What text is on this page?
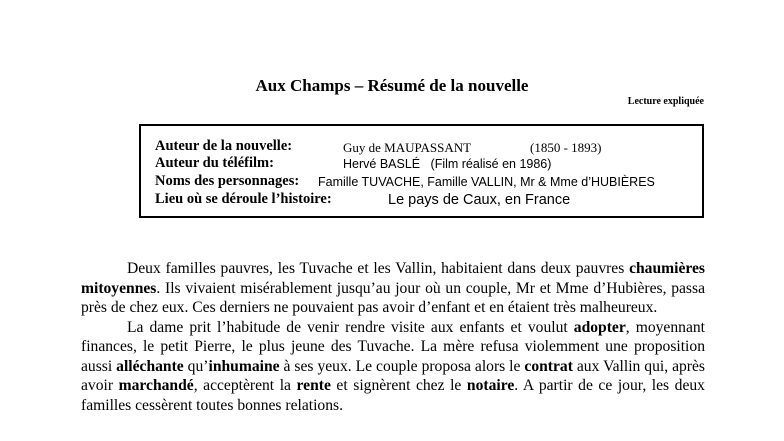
Aux Champs – Résumé de la nouvelle
Lecture expliquée
Auteur de la nouvelle:	Guy de MAUPASSANT	(1850 - 1893)
Auteur du téléfilm:	Hervé BASLÉ   (Film réalisé en 1986)
Noms des personnages: Famille TUVACHE, Famille VALLIN, Mr & Mme d’HUBIÈRES
Lieu où se déroule l’histoire:	Le pays de Caux, en France

Deux familles pauvres, les Tuvache et les Vallin, habitaient dans deux pauvres chaumières mitoyennes. Ils vivaient misérablement jusqu’au jour où un couple, Mr et Mme d’Hubières, passa près de chez eux. Ces derniers ne pouvaient pas avoir d’enfant et en étaient très malheureux.

La dame prit l’habitude de venir rendre visite aux enfants et voulut adopter, moyennant finances, le petit Pierre, le plus jeune des Tuvache. La mère refusa violemment une proposition aussi alléchante qu’inhumaine à ses yeux. Le couple proposa alors le contrat aux Vallin qui, après avoir marchandé, acceptèrent la rente et signèrent chez le notaire. A partir de ce jour, les deux familles cessèrent toutes bonnes relations.
